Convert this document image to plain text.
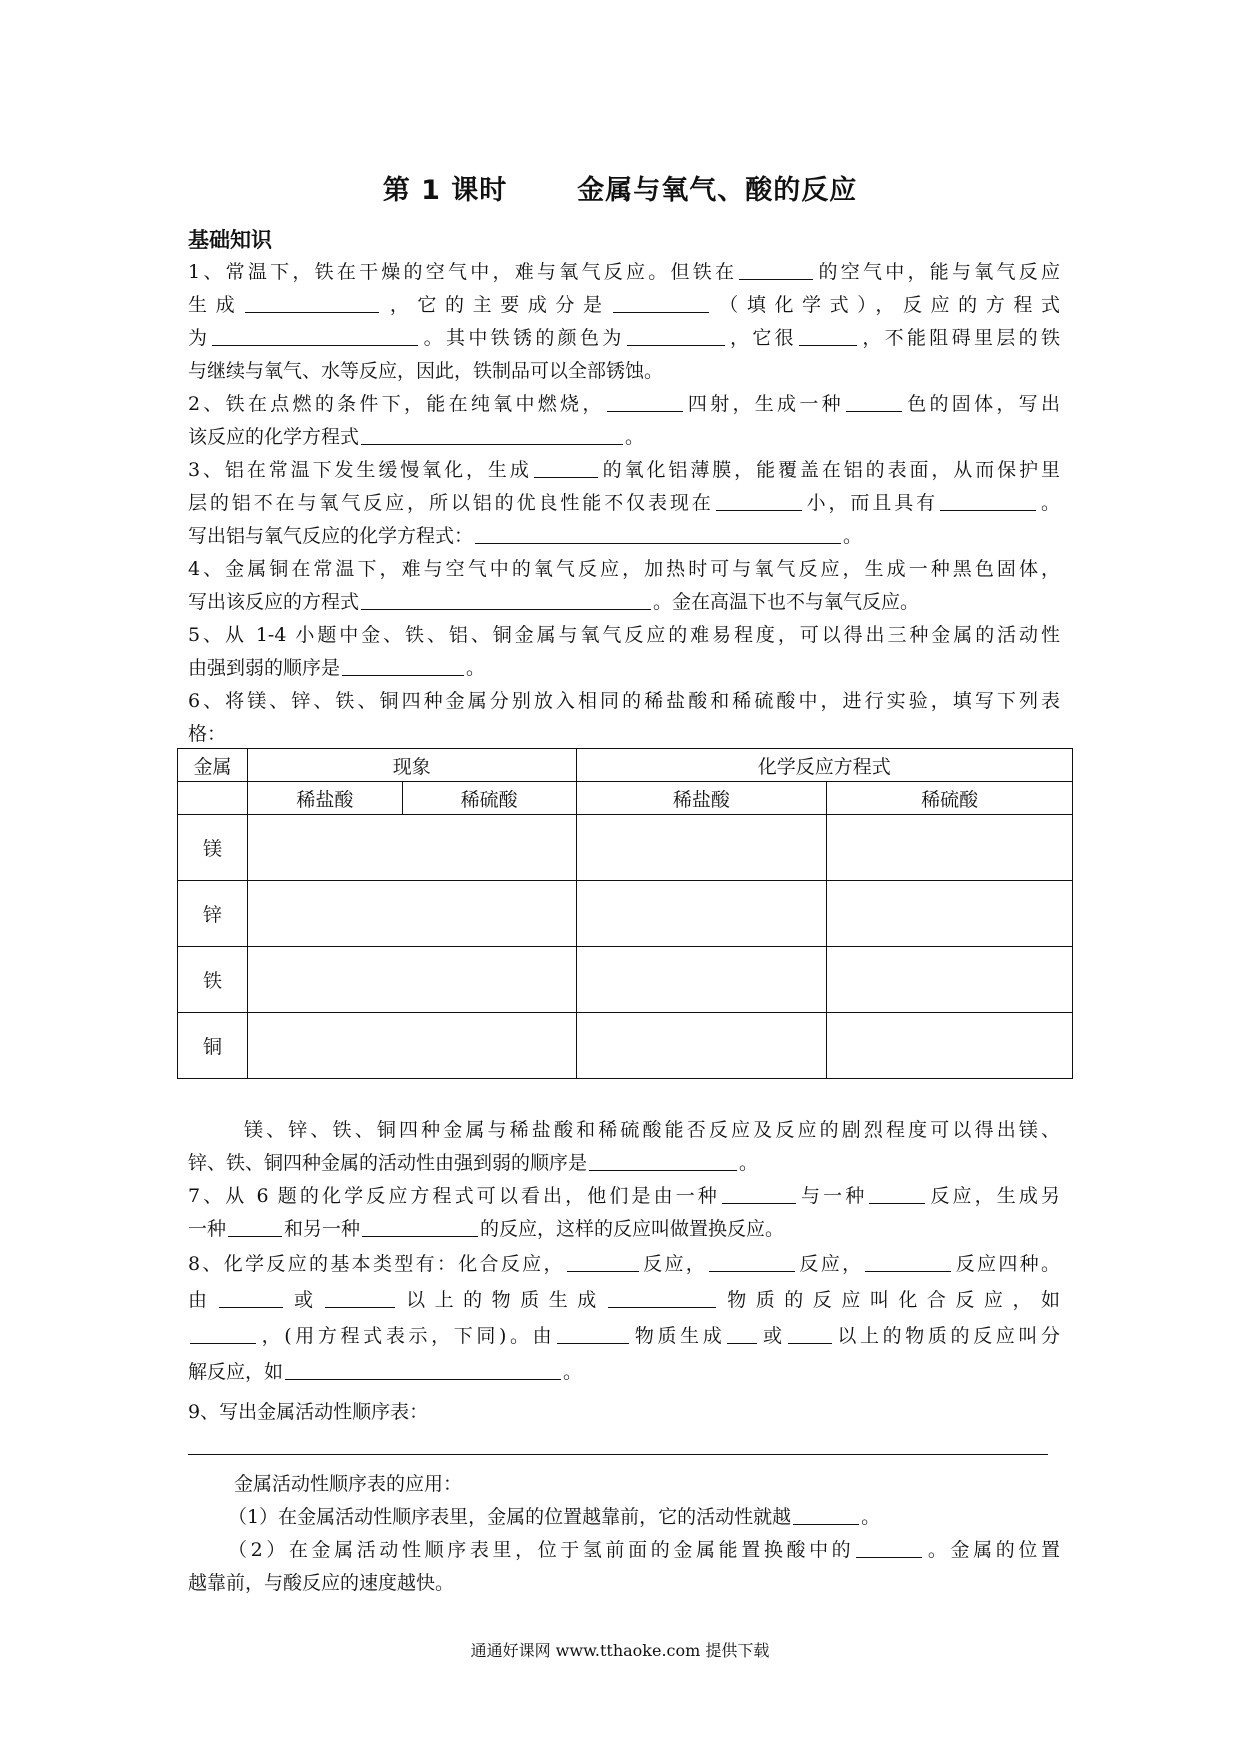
第 1 课时	金属与氧气、酸的反应
基础知识
1、常温下，铁在干燥的空气中，难与氧气反应。但铁在	的空气中，能与氧气反应
生成	，它的主要成分是	（填化学式），反应的方程式
为	。其中铁锈的颜色为	，它很	，不能阻碍里层的铁
与继续与氧气、水等反应，因此，铁制品可以全部锈蚀。
2、铁在点燃的条件下，能在纯氧中燃烧，	四射，生成一种	色的固体，写出
该反应的化学方程式	。
3、铝在常温下发生缓慢氧化，生成	的氧化铝薄膜，能覆盖在铝的表面，从而保护里
层的铝不在与氧气反应，所以铝的优良性能不仅表现在	小，而且具有	。
写出铝与氧气反应的化学方程式：	。
4、金属铜在常温下，难与空气中的氧气反应，加热时可与氧气反应，生成一种黑色固体，
写出该反应的方程式	。金在高温下也不与氧气反应。
5、从 1-4 小题中金、铁、铝、铜金属与氧气反应的难易程度，可以得出三种金属的活动性
由强到弱的顺序是	。
6、将镁、锌、铁、铜四种金属分别放入相同的稀盐酸和稀硫酸中，进行实验，填写下列表
格：
金属	现象		化学反应方程式	
	稀盐酸	稀硫酸	稀盐酸	稀硫酸
镁				
锌				
铁				
铜				
镁、锌、铁、铜四种金属与稀盐酸和稀硫酸能否反应及反应的剧烈程度可以得出镁、
锌、铁、铜四种金属的活动性由强到弱的顺序是	。
7、从 6 题的化学反应方程式可以看出，他们是由一种	与一种	反应，生成另
一种	和另一种	的反应，这样的反应叫做置换反应。
8、化学反应的基本类型有：化合反应，	反应，	反应，	反应四种。
由	或	以上的物质生成	物质的反应叫化合反应，如
，(用方程式表示，下同)。由	物质生成 或	以上的物质的反应叫分
解反应，如	。
9、写出金属活动性顺序表：
金属活动性顺序表的应用：
（1）在金属活动性顺序表里，金属的位置越靠前，它的活动性就越	。
（2）在金属活动性顺序表里，位于氢前面的金属能置换酸中的	。金属的位置
越靠前，与酸反应的速度越快。
通通好课网 www.tthaoke.com 提供下载
